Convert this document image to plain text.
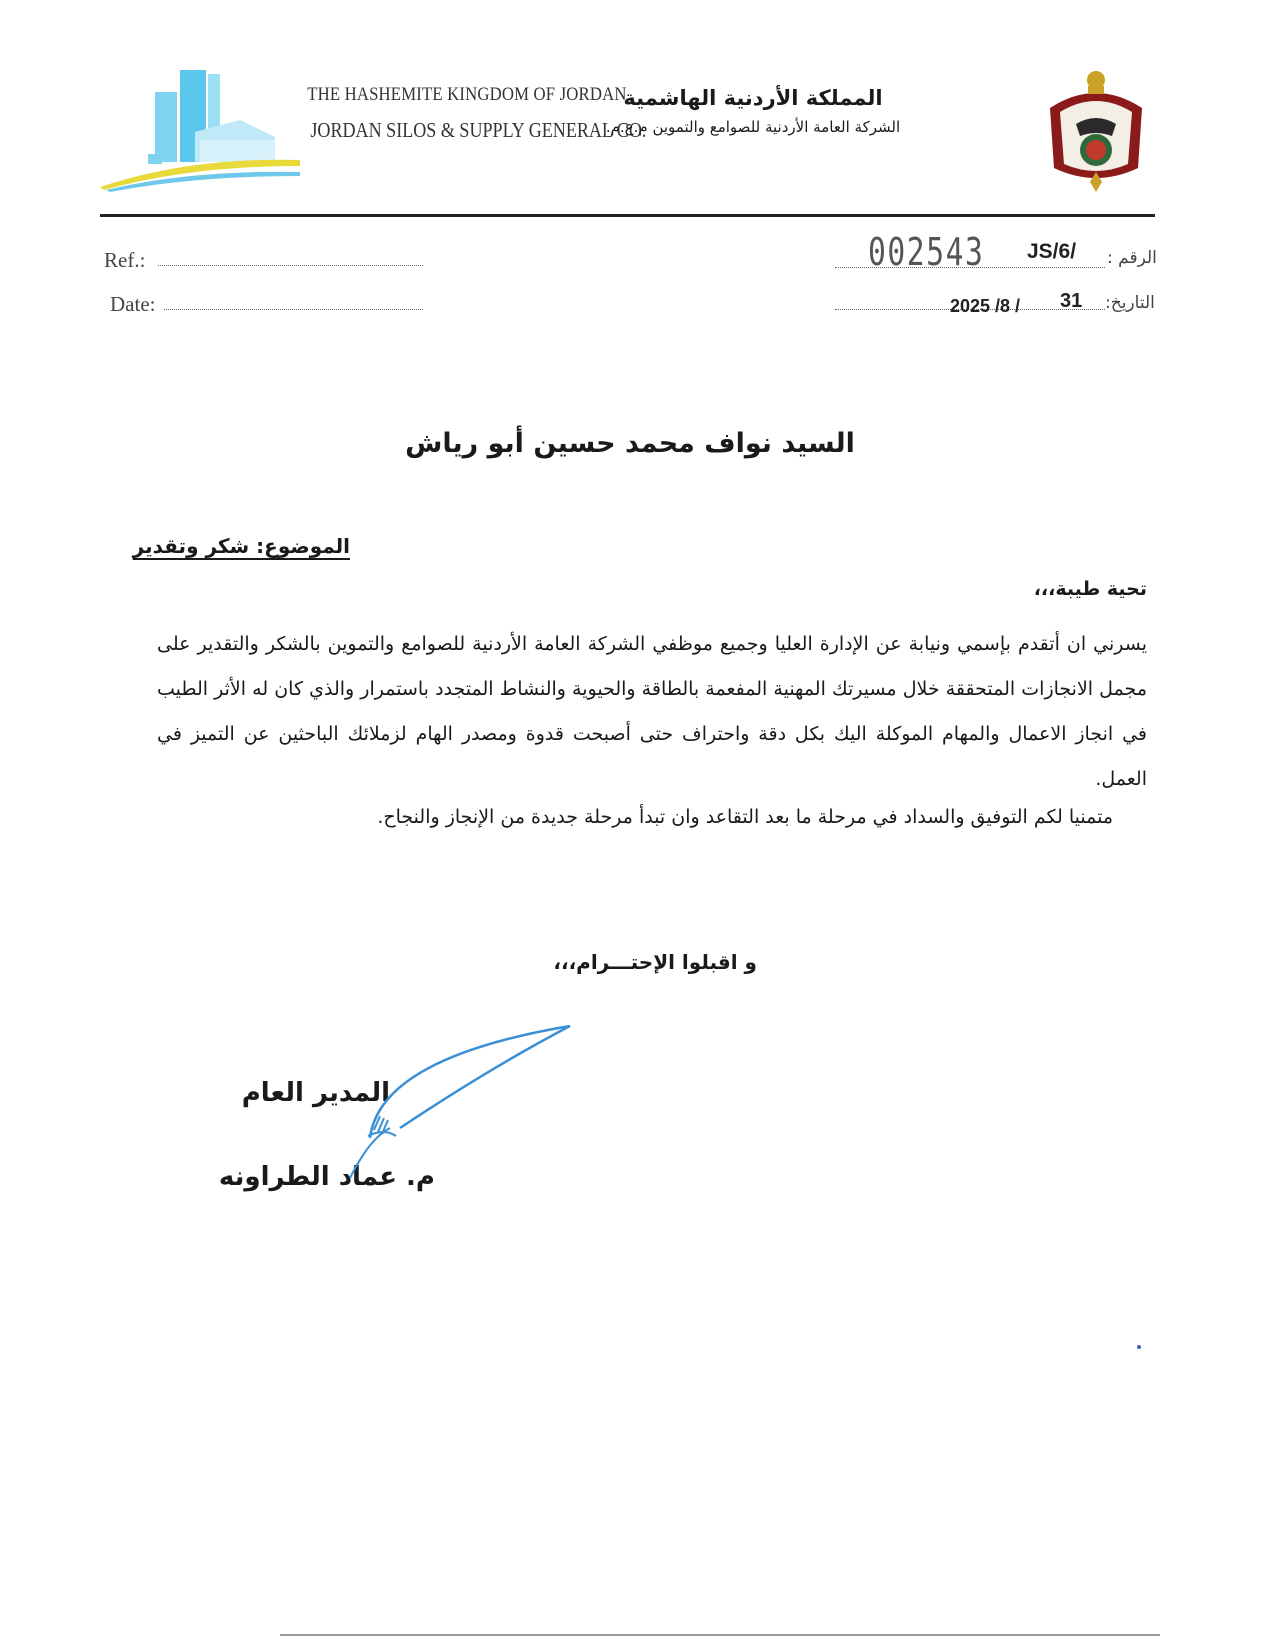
THE HASHEMITE KINGDOM OF JORDAN
JORDAN SILOS & SUPPLY GENERAL CO.
المملكة الأردنية الهاشمية
الشركة العامة الأردنية للصوامع والتموين م.ع.م.
Ref.:
Date:
الرقم :
التاريخ:
002543 JS/6/
2025 /8 / 31
السيد نواف محمد حسين أبو رياش
الموضوع: شكر وتقدير
تحية طيبة،،،
يسرني ان أتقدم بإسمي ونيابة عن الإدارة العليا وجميع موظفي الشركة العامة الأردنية للصوامع والتموين بالشكر والتقدير على مجمل الانجازات المتحققة خلال مسيرتك المهنية المفعمة بالطاقة والحيوية والنشاط المتجدد باستمرار والذي كان له الأثر الطيب في انجاز الاعمال والمهام الموكلة اليك بكل دقة واحتراف حتى أصبحت قدوة ومصدر الهام لزملائك الباحثين عن التميز في العمل.
متمنيا لكم التوفيق والسداد في مرحلة ما بعد التقاعد وان تبدأ مرحلة جديدة من الإنجاز والنجاح.
و اقبلوا الإحتـــرام،،،
المدير العام
م. عماد الطراونه
